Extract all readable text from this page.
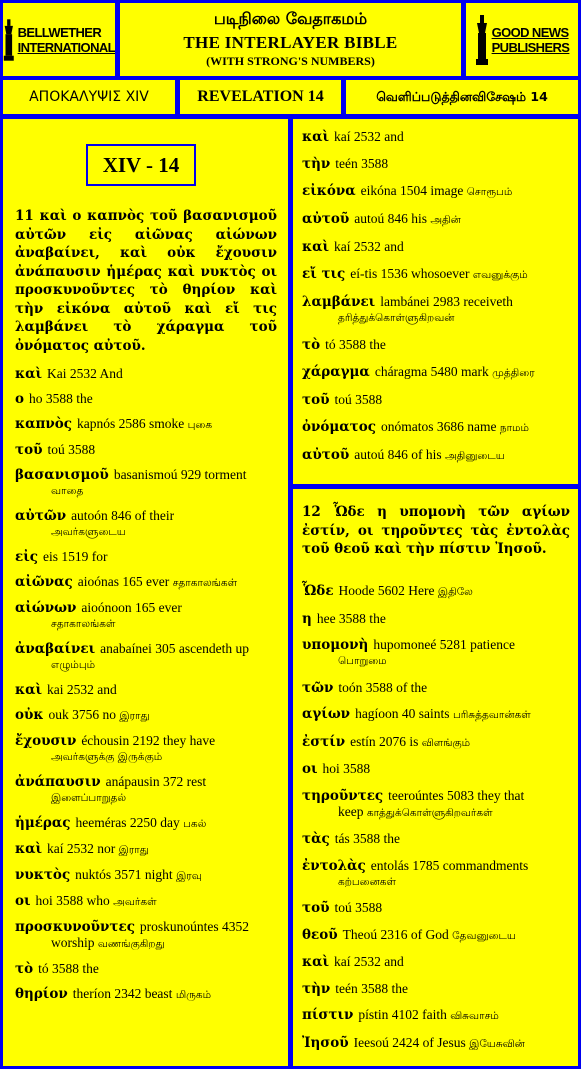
BELLWETHER
INTERNATIONAL
படிநிலை வேதாகமம்
THE INTERLAYER BIBLE
(WITH STRONG'S NUMBERS)
GOOD NEWS
PUBLISHERS
ΑΠΟΚΑΛΥΨΙΣ XIV	REVELATION 14	வெளிப்படுத்தினவிசேஷம் 14
XIV - 14
11 καὶ ο καπνὸς τοῦ βασανισμοῦ αὐτῶν εἰς αἰῶνας αἰώνων ἀναβαίνει, καὶ οὐκ ἔχουσιν ἀνάπαυσιν ἡμέρας καὶ νυκτὸς οι προσκυνοῦντες τὸ θηρίον καὶ τὴν εἰκόνα αὐτοῦ καὶ εἴ τις λαμβάνει τὸ χάραγμα τοῦ ὀνόματος αὐτοῦ.
καὶ Kai 2532 And
ο ho 3588 the
καπνὸς kapnós 2586 smoke புகை
τοῦ toú 3588
βασανισμοῦ basanismoú 929 torment
வாதை
αὐτῶν autoón 846 of their
அவர்களுடைய
εἰς eis 1519 for
αἰῶνας aioónas 165 ever சதாகாலங்கள்
αἰώνων aioónoon 165 ever
சதாகாலங்கள்
ἀναβαίνει anabaínei 305 ascendeth up
எழும்பும்
καὶ kai 2532 and
οὐκ ouk 3756 no இராது
ἔχουσιν échousin 2192 they have
அவர்களுக்கு இருக்கும்
ἀνάπαυσιν anápausin 372 rest
இளைப்பாறுதல்
ἡμέρας heeméras 2250 day பகல்
καὶ kaí 2532 nor இராது
νυκτὸς nuktós 3571 night இரவு
οι hoi 3588 who அவர்கள்
προσκυνοῦντες proskunoúntes 4352
worship வணங்குகிறது
τὸ tó 3588 the
θηρίον theríon 2342 beast மிருகம்
καὶ kaí 2532 and
τὴν teén 3588
εἰκόνα eikóna 1504 image சொரூபம்
αὐτοῦ autoú 846 his அதின்
καὶ kaí 2532 and
εἴ τις eí-tis 1536 whosoever எவனுக்கும்
λαμβάνει lambánei 2983 receiveth
தரித்துக்கொள்ளுகிறவன்
τὸ tó 3588 the
χάραγμα cháragma 5480 mark முத்திரை
τοῦ toú 3588
ὀνόματος onómatos 3686 name நாமம்
αὐτοῦ autoú 846 of his அதினுடைய
12 Ὧδε η υπομονὴ τῶν αγίων ἐστίν, οι τηροῦντες τὰς ἐντολὰς τοῦ θεοῦ καὶ τὴν πίστιν Ἰησοῦ.
Ὧδε Hoode 5602 Here இதிலே
η hee 3588 the
υπομονὴ hupomoneé 5281 patience
பொறுமை
τῶν toón 3588 of the
αγίων hagíoon 40 saints பரிசுத்தவான்கள்
ἐστίν estín 2076 is விளங்கும்
οι hoi 3588
τηροῦντες teeroúntes 5083 they that
keep காத்துக்கொள்ளுகிறவர்கள்
τὰς tás 3588 the
ἐντολὰς entolás 1785 commandments
கற்பனைகள்
τοῦ toú 3588
θεοῦ Theoú 2316 of God தேவனுடைய
καὶ kaí 2532 and
τὴν teén 3588 the
πίστιν pístin 4102 faith விசுவாசம்
Ἰησοῦ Ieesoú 2424 of Jesus இயேசுவின்
